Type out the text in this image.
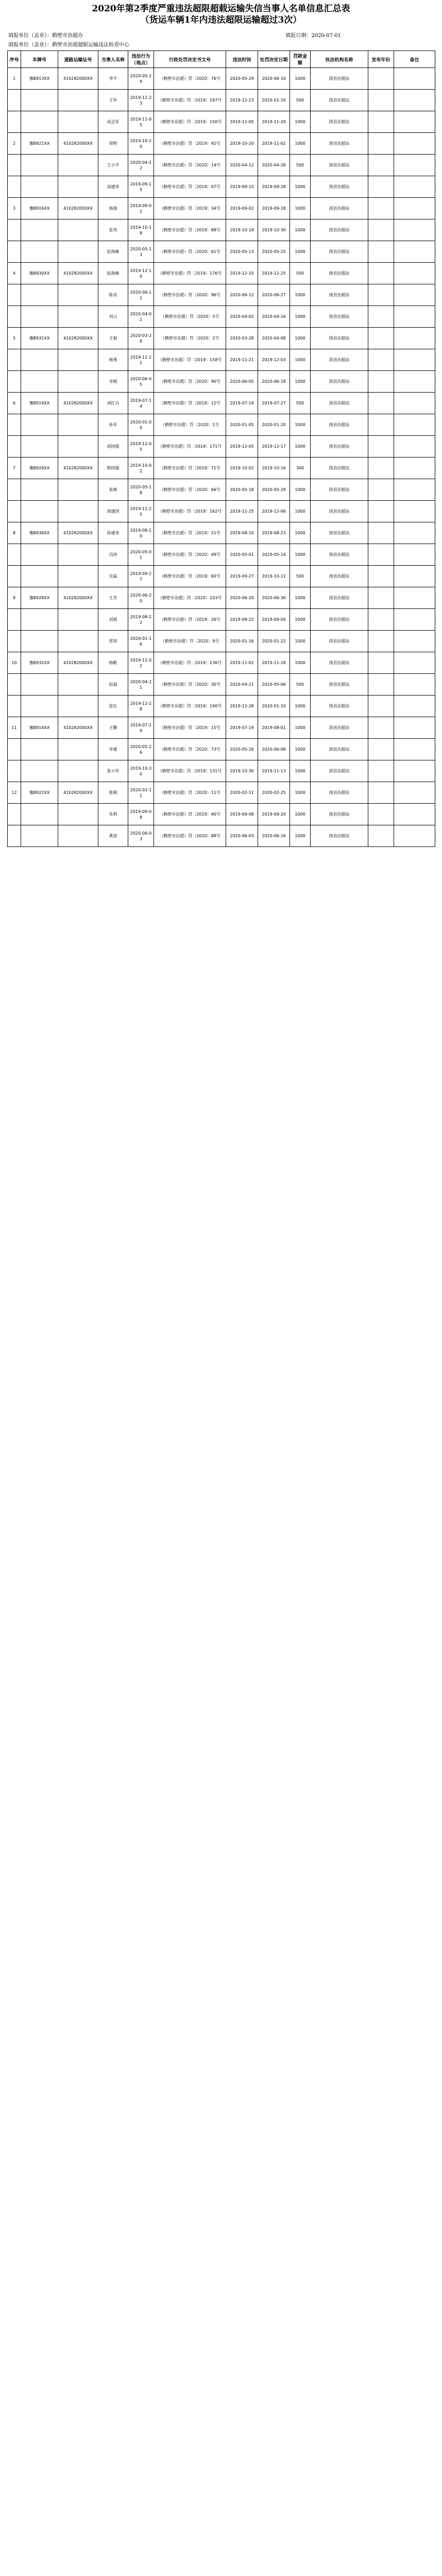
2020年第2季度严重违法超限超载运输失信当事人名单信息汇总表
（货运车辆1年内违法超限运输超过3次）
填报单位（盖章）：鹤壁市治超办	填报日期：2020-07-01
填报单位（盖章）：鹤壁市治超超限运输违法检查中心
序号	车牌号	道路运输证号	当事人名称	违法行为（地点）	行政处罚决定书文号	违法时间	处罚决定日期	罚款金额	执法机构名称	发布年份	备注
1	豫B913XX	410282000XX	李平	2020-05-29	（鹤壁市治超）罚〔2020〕76号	2020-05-29	2020-06-10	1000	淇县治超站		
			王军	2019-12-23	（鹤壁市治超）罚〔2019〕187号	2019-12-23	2020-01-10	500	淇县治超站		
			成志军	2019-11-05	（鹤壁市治超）罚〔2019〕150号	2019-11-05	2019-11-20	1000	淇县治超站		
2	豫B921XX	410282000XX	周明	2019-10-20	（鹤壁市治超）罚〔2019〕92号	2019-10-20	2019-11-02	1000	浚县治超站		
			王小平	2020-04-12	（鹤壁市治超）罚〔2020〕14号	2020-04-12	2020-04-26	500	浚县治超站		
			高建伟	2019-09-15	（鹤壁市治超）罚〔2019〕47号	2019-09-15	2019-09-28	1000	浚县治超站		
3	豫B916XX	410282000XX	杨强	2019-09-02	（鹤壁市治超）罚〔2019〕34号	2019-09-02	2019-09-18	1000	淇县治超站		
			张伟	2019-10-18	（鹤壁市治超）罚〔2019〕88号	2019-10-18	2019-10-30	1000	淇县治超站		
			赵海峰	2020-05-13	（鹤壁市治超）罚〔2020〕61号	2020-05-13	2020-05-25	1000	淇县治超站		
4	豫B930XX	410282000XX	赵海峰	2019-12-10	（鹤壁市治超）罚〔2019〕176号	2019-12-10	2019-12-25	500	浚县治超站		
			陈亮	2020-06-12	（鹤壁市治超）罚〔2020〕96号	2020-06-12	2020-06-27	1000	浚县治超站		
			刘云	2020-04-02	（鹤壁市治超）罚〔2020〕5号	2020-04-02	2020-04-16	1000	浚县治超站		
5	豫B931XX	410282000XX	王振	2020-03-28	（鹤壁市治超）罚〔2020〕2号	2020-03-28	2020-04-08	1000	淇县治超站		
			杨勇	2019-11-21	（鹤壁市治超）罚〔2019〕158号	2019-11-21	2019-12-03	1000	淇县治超站		
			李刚	2020-06-05	（鹤壁市治超）罚〔2020〕90号	2020-06-05	2020-06-18	1000	淇县治超站		
6	豫B919XX	410282000XX	刘红兵	2019-07-14	（鹤壁市治超）罚〔2019〕12号	2019-07-14	2019-07-27	500	浚县治超站		
			孙军	2020-01-05	（鹤壁市治超）罚〔2020〕1号	2020-01-05	2020-01-20	1000	浚县治超站		
			胡国强	2019-12-05	（鹤壁市治超）罚〔2019〕171号	2019-12-05	2019-12-17	1000	浚县治超站		
7	豫B926XX	410282000XX	韩国强	2019-10-02	（鹤壁市治超）罚〔2019〕71号	2019-10-02	2019-10-16	300	淇县治超站		
			张峰	2020-05-18	（鹤壁市治超）罚〔2020〕66号	2020-05-18	2020-05-29	1000	淇县治超站		
			周建国	2019-11-25	（鹤壁市治超）罚〔2019〕162号	2019-11-25	2019-12-06	1000	淇县治超站		
8	豫B936XX	410282000XX	孙建伟	2019-08-10	（鹤壁市治超）罚〔2019〕21号	2019-08-10	2019-08-23	1000	浚县治超站		
			冯涛	2020-05-01	（鹤壁市治超）罚〔2020〕49号	2020-05-01	2020-05-14	1000	浚县治超站		
			吴磊	2019-09-27	（鹤壁市治超）罚〔2019〕60号	2019-09-27	2019-10-11	500	浚县治超站		
9	豫B928XX	410282000XX	王芳	2020-06-20	（鹤壁市治超）罚〔2020〕103号	2020-06-20	2020-06-30	1000	淇县治超站		
			刘斌	2019-08-22	（鹤壁市治超）罚〔2019〕26号	2019-08-22	2019-09-04	1000	淇县治超站		
			郑伟	2020-01-16	（鹤壁市治超）罚〔2020〕9号	2020-01-16	2020-01-22	1000	淇县治超站		
10	豫B932XX	410282000XX	杨帆	2019-11-02	（鹤壁市治超）罚〔2019〕136号	2019-11-02	2019-11-18	1000	浚县治超站		
			赵磊	2020-04-21	（鹤壁市治超）罚〔2020〕30号	2020-04-21	2020-05-06	500	浚县治超站		
			徐东	2019-12-28	（鹤壁市治超）罚〔2019〕190号	2019-12-28	2020-01-10	1000	浚县治超站		
11	豫B914XX	410282000XX	王鹏	2019-07-19	（鹤壁市治超）罚〔2019〕15号	2019-07-19	2019-08-01	1000	淇县治超站		
			李建	2020-05-26	（鹤壁市治超）罚〔2020〕73号	2020-05-26	2020-06-08	1000	淇县治超站		
			张小军	2019-10-30	（鹤壁市治超）罚〔2019〕131号	2019-10-30	2019-11-13	1000	淇县治超站		
12	豫B922XX	410282000XX	陈刚	2020-02-11	（鹤壁市治超）罚〔2020〕11号	2020-02-11	2020-02-25	1000	浚县治超站		
			朱明	2019-09-08	（鹤壁市治超）罚〔2019〕40号	2019-09-08	2019-09-20	1000	浚县治超站		
			黄波	2020-06-03	（鹤壁市治超）罚〔2020〕88号	2020-06-03	2020-06-16	1000	浚县治超站		
